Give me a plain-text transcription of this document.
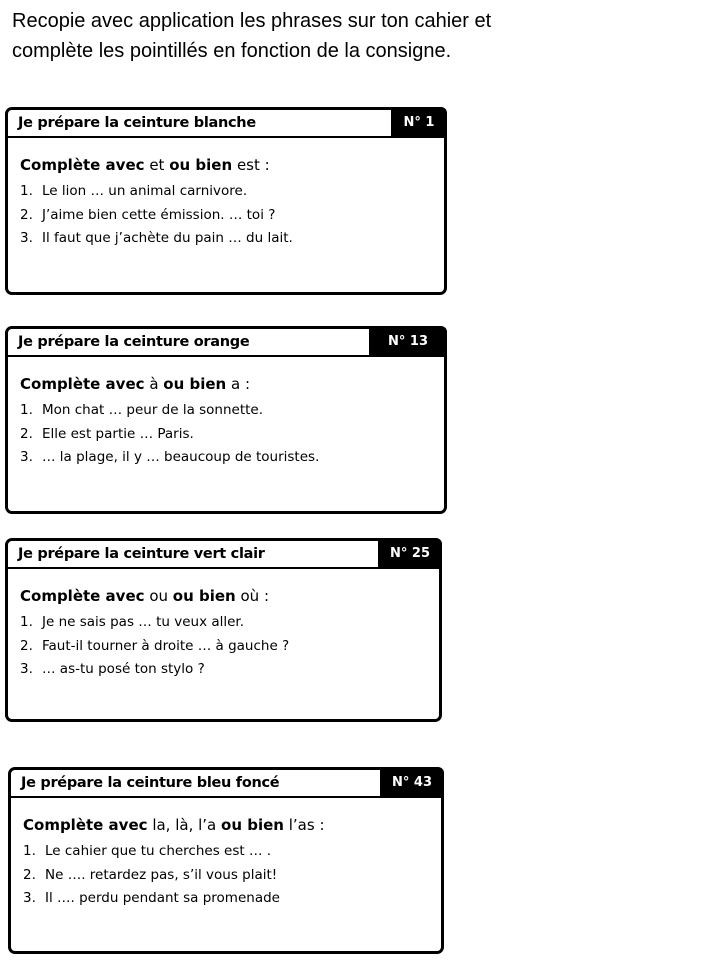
Recopie avec application les phrases sur ton cahier et
complète les pointillés en fonction de la consigne.
Je prépare la ceinture blanche	N° 1

Complète avec et ou bien est :

1. Le lion … un animal carnivore.
2. J’aime bien cette émission. … toi ?
3. Il faut que j’achète du pain … du lait.
Je prépare la ceinture orange	N° 13

Complète avec à ou bien a :

1. Mon chat … peur de la sonnette.
2. Elle est partie … Paris.
3. … la plage, il y … beaucoup de touristes.
Je prépare la ceinture vert clair	N° 25

Complète avec ou ou bien où :

1. Je ne sais pas … tu veux aller.
2. Faut-il tourner à droite … à gauche ?
3. … as-tu posé ton stylo ?
Je prépare la ceinture bleu foncé	N° 43

Complète avec la, là, l’a ou bien l’as :

1. Le cahier que tu cherches est … .
2. Ne …. retardez pas, s’il vous plait!
3. Il …. perdu pendant sa promenade
